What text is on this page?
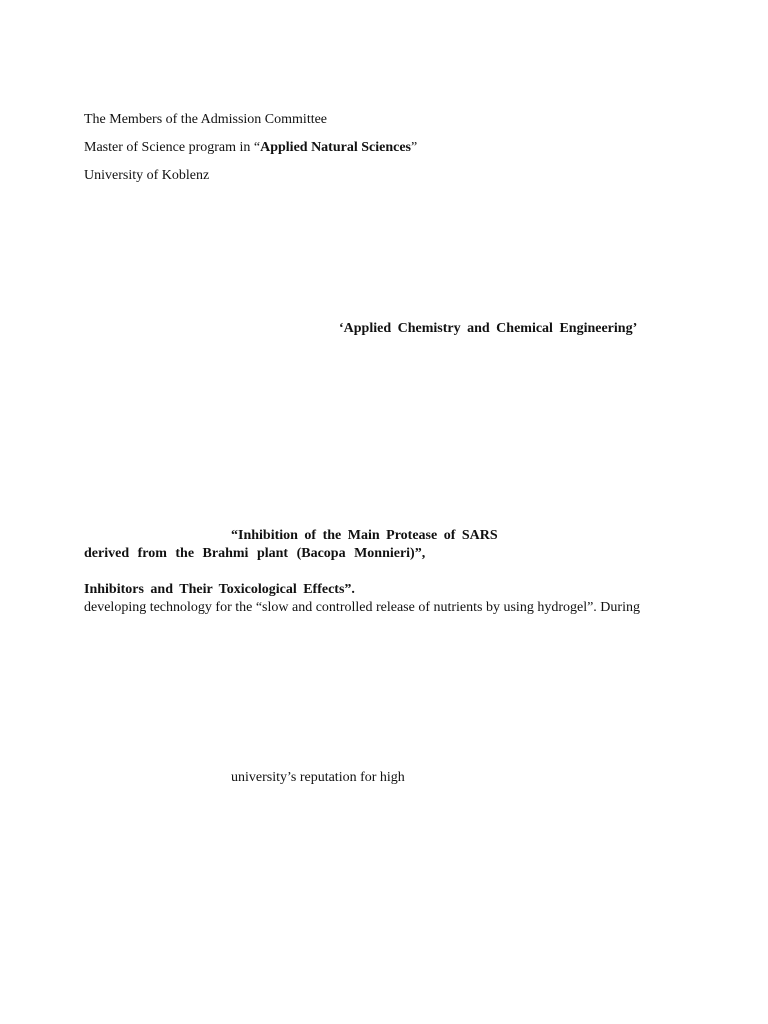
The Members of the Admission Committee
Master of Science program in “Applied Natural Sciences”
University of Koblenz
‘Applied Chemistry and Chemical Engineering’
“Inhibition of the Main Protease of SARS
derived from the Brahmi plant (Bacopa Monnieri)”,
Inhibitors and Their Toxicological Effects”.
developing technology for the “slow and controlled release of nutrients by using hydrogel”. During
university’s reputation for high
